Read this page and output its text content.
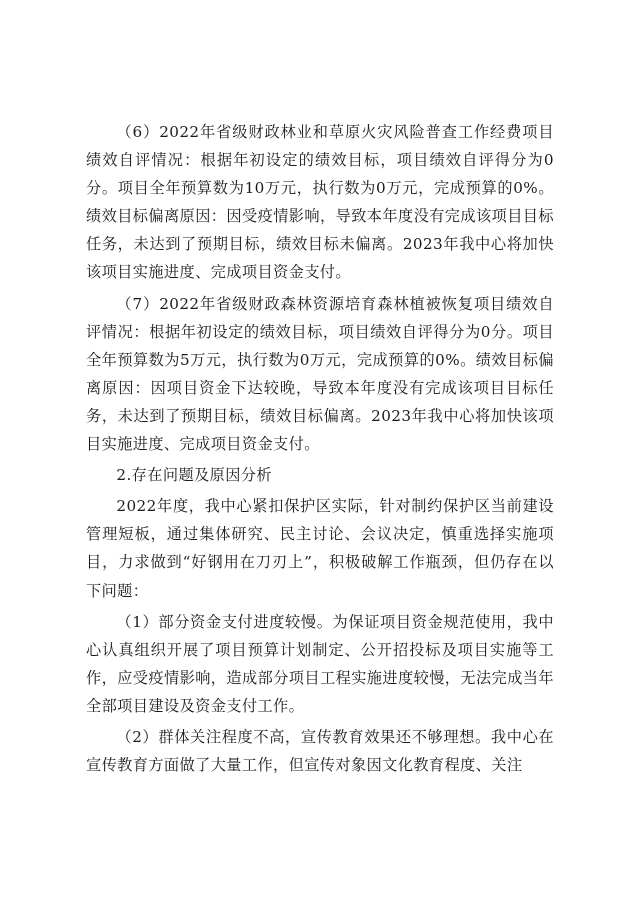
（6）2022年省级财政林业和草原火灾风险普查工作经费项目绩效自评情况：根据年初设定的绩效目标，项目绩效自评得分为0分。项目全年预算数为10万元，执行数为0万元，完成预算的0%。绩效目标偏离原因：因受疫情影响，导致本年度没有完成该项目目标任务，未达到了预期目标，绩效目标未偏离。2023年我中心将加快该项目实施进度、完成项目资金支付。

（7）2022年省级财政森林资源培育森林植被恢复项目绩效自评情况：根据年初设定的绩效目标，项目绩效自评得分为0分。项目全年预算数为5万元，执行数为0万元，完成预算的0%。绩效目标偏离原因：因项目资金下达较晚，导致本年度没有完成该项目目标任务，未达到了预期目标，绩效目标偏离。2023年我中心将加快该项目实施进度、完成项目资金支付。

2.存在问题及原因分析

2022年度，我中心紧扣保护区实际，针对制约保护区当前建设管理短板，通过集体研究、民主讨论、会议决定，慎重选择实施项目，力求做到“好钢用在刀刃上”，积极破解工作瓶颈，但仍存在以下问题：

（1）部分资金支付进度较慢。为保证项目资金规范使用，我中心认真组织开展了项目预算计划制定、公开招投标及项目实施等工作，应受疫情影响，造成部分项目工程实施进度较慢，无法完成当年全部项目建设及资金支付工作。

（2）群体关注程度不高，宣传教育效果还不够理想。我中心在宣传教育方面做了大量工作，但宣传对象因文化教育程度、关注
